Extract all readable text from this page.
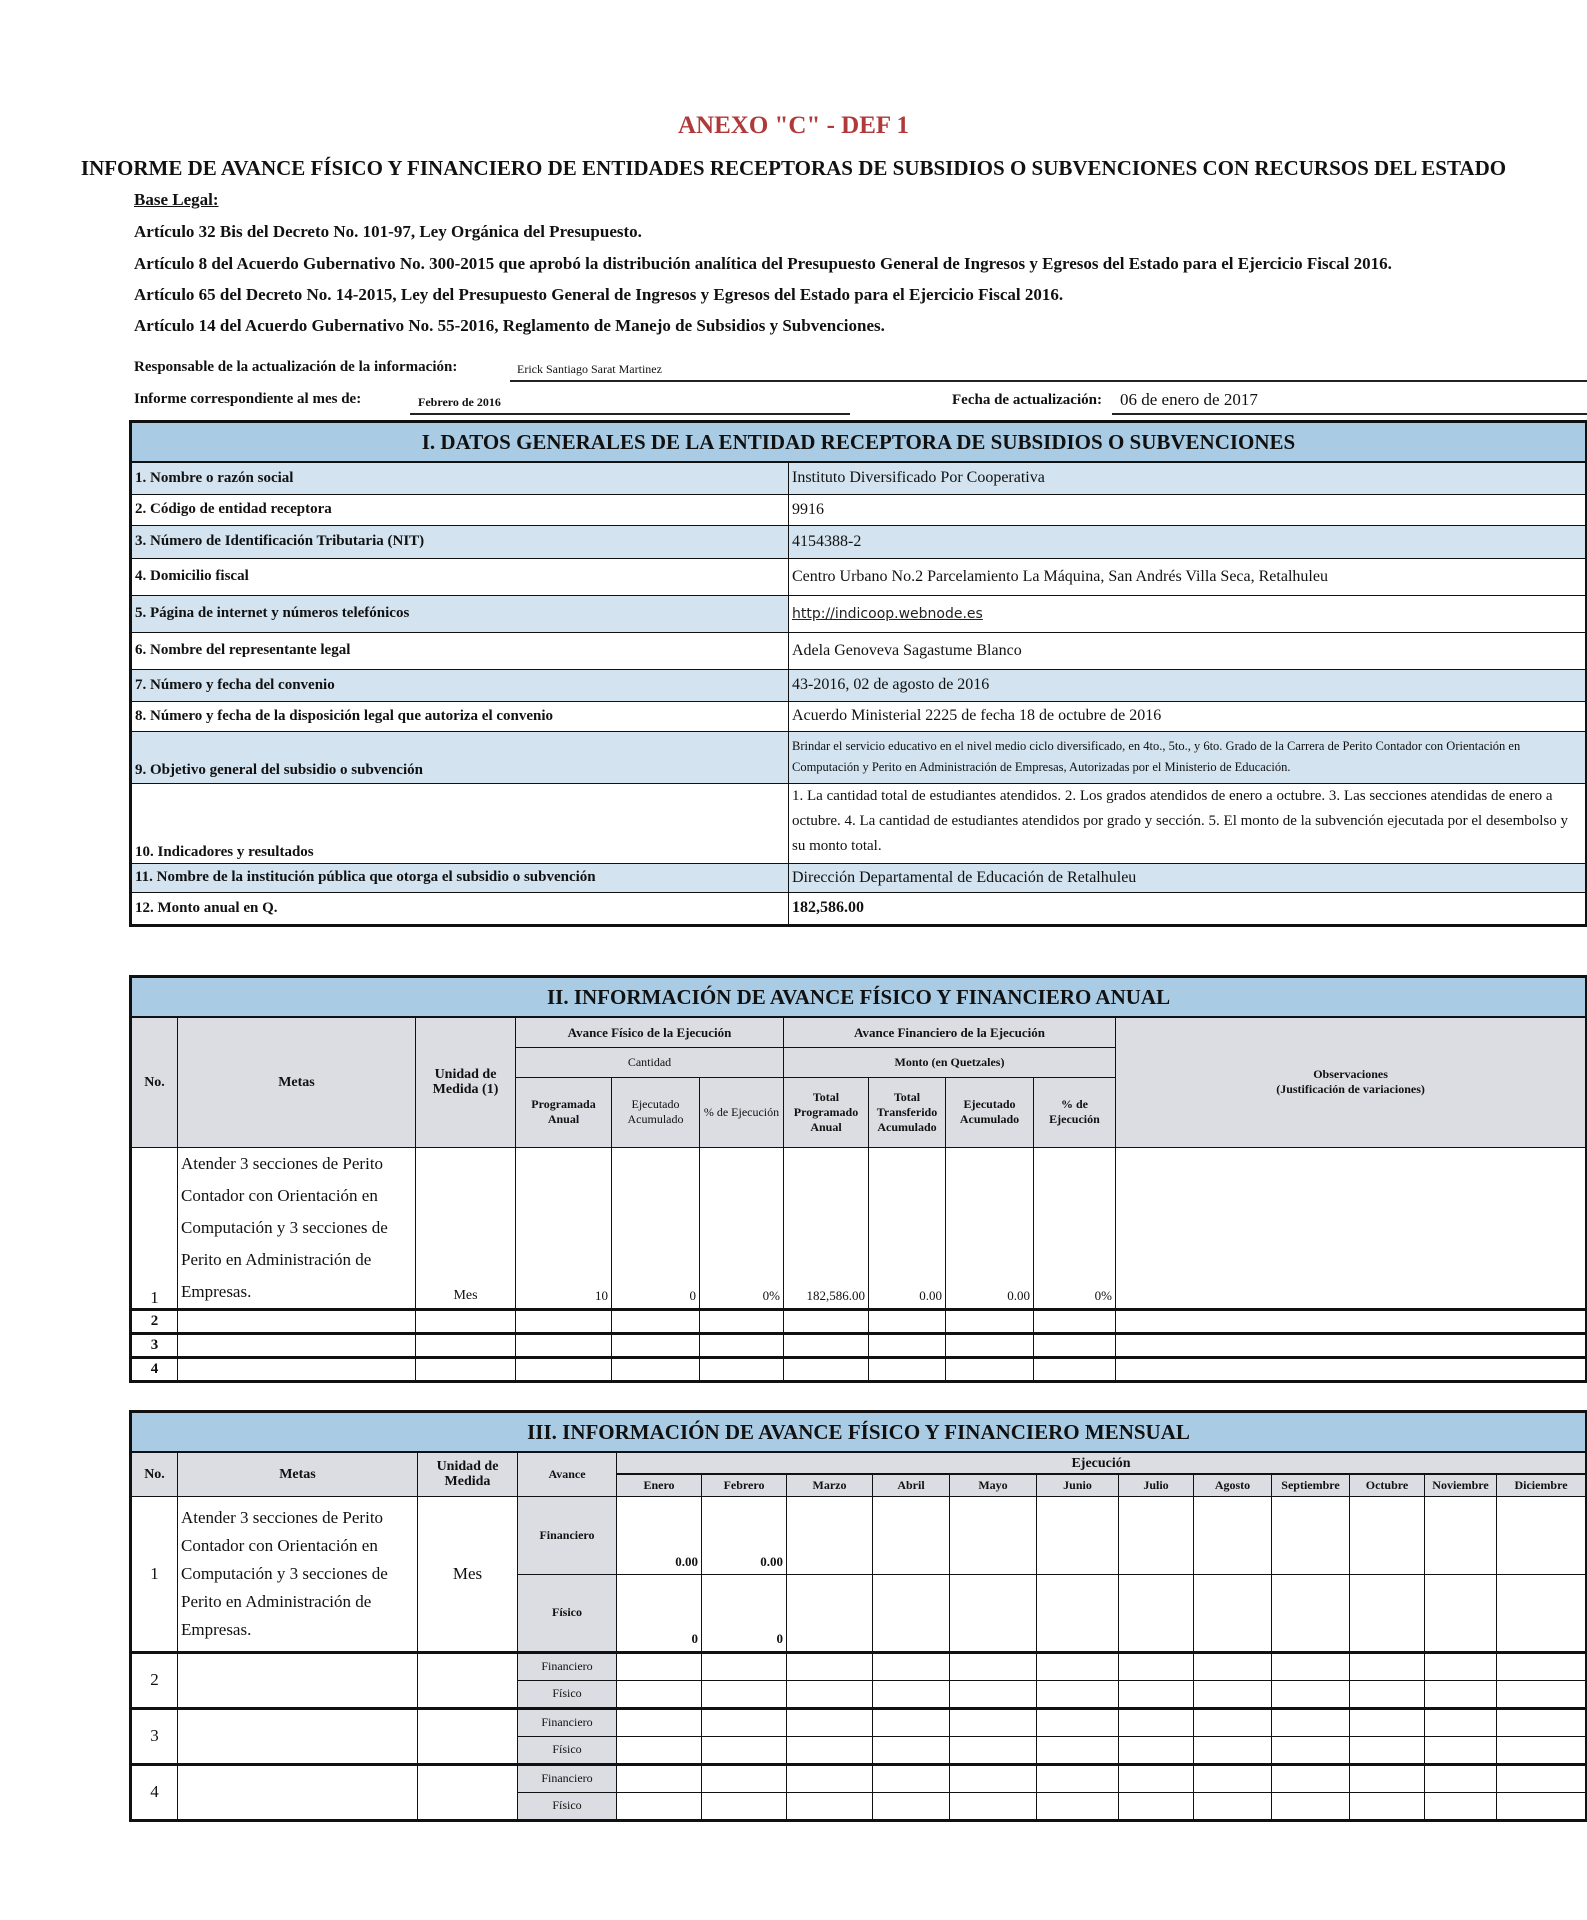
ANEXO "C" - DEF 1
INFORME DE AVANCE FÍSICO Y FINANCIERO DE ENTIDADES RECEPTORAS DE SUBSIDIOS O SUBVENCIONES CON RECURSOS DEL ESTADO
Base Legal:
Artículo 32 Bis del Decreto No. 101-97, Ley Orgánica del Presupuesto.
Artículo 8 del Acuerdo Gubernativo No. 300-2015 que aprobó la distribución analítica del Presupuesto General de Ingresos y Egresos del Estado para el Ejercicio Fiscal 2016.
Artículo 65 del Decreto No. 14-2015, Ley del Presupuesto General de Ingresos y Egresos del Estado para el Ejercicio Fiscal 2016.
Artículo 14 del Acuerdo Gubernativo No. 55-2016, Reglamento de Manejo de Subsidios y Subvenciones.
Responsable de la actualización de la información:	Erick Santiago Sarat Martinez
Informe correspondiente al mes de:	Febrero de 2016	Fecha de actualización: 06 de enero de 2017
I. DATOS GENERALES DE LA ENTIDAD RECEPTORA DE SUBSIDIOS O SUBVENCIONES	
1. Nombre o razón social	Instituto Diversificado Por Cooperativa
2. Código de entidad receptora	9916
3. Número de Identificación Tributaria (NIT)	4154388-2
4. Domicilio fiscal	Centro Urbano No.2 Parcelamiento La Máquina, San Andrés Villa Seca, Retalhuleu
5. Página de internet y números telefónicos	http://indicoop.webnode.es
6. Nombre del representante legal	Adela Genoveva Sagastume Blanco
7. Número y fecha del convenio	43-2016, 02 de agosto de 2016
8. Número y fecha de la disposición legal que autoriza el convenio	Acuerdo Ministerial 2225 de fecha 18 de octubre de 2016
9. Objetivo general del subsidio o subvención	Brindar el servicio educativo en el nivel medio ciclo diversificado, en 4to., 5to., y 6to. Grado de la Carrera de Perito Contador con Orientación en Computación y Perito en Administración de Empresas, Autorizadas por el Ministerio de Educación.
10. Indicadores y resultados	1. La cantidad total de estudiantes atendidos. 2. Los grados atendidos de enero a octubre. 3. Las secciones atendidas de enero a octubre. 4. La cantidad de estudiantes atendidos por grado y sección. 5. El monto de la subvención ejecutada por el desembolso y su monto total.
11. Nombre de la institución pública que otorga el subsidio o subvención	Dirección Departamental de Educación de Retalhuleu
12. Monto anual en Q.	182,586.00
II. INFORMACIÓN DE AVANCE FÍSICO Y FINANCIERO ANUAL										
No.	Metas	Unidad de Medida (1)	Avance Físico de la Ejecución			Avance Financiero de la Ejecución				Observaciones
(Justificación de variaciones)

			Cantidad			Monto (en Quetzales)				
			Programada Anual	Ejecutado Acumulado	% de Ejecución	Total Programado Anual	Total Transferido Acumulado	Ejecutado Acumulado	% de Ejecución	
1	Atender 3 secciones de Perito Contador con Orientación en Computación y 3 secciones de Perito en Administración de Empresas.	Mes	10	0	0%	182,586.00	0.00	0.00	0%	
2										
3										
4										
III. INFORMACIÓN DE AVANCE FÍSICO Y FINANCIERO MENSUAL															
No.	Metas	Unidad de Medida	Avance	Ejecución											
				Enero	Febrero	Marzo	Abril	Mayo	Junio	Julio	Agosto	Septiembre	Octubre	Noviembre	Diciembre
1	Atender 3 secciones de Perito Contador con Orientación en Computación y 3 secciones de Perito en Administración de Empresas.	Mes	Financiero	0.00	0.00										
			Físico	0	0										
2			Financiero												
			Físico												
3			Financiero												
			Físico												
4			Financiero												
			Físico												
